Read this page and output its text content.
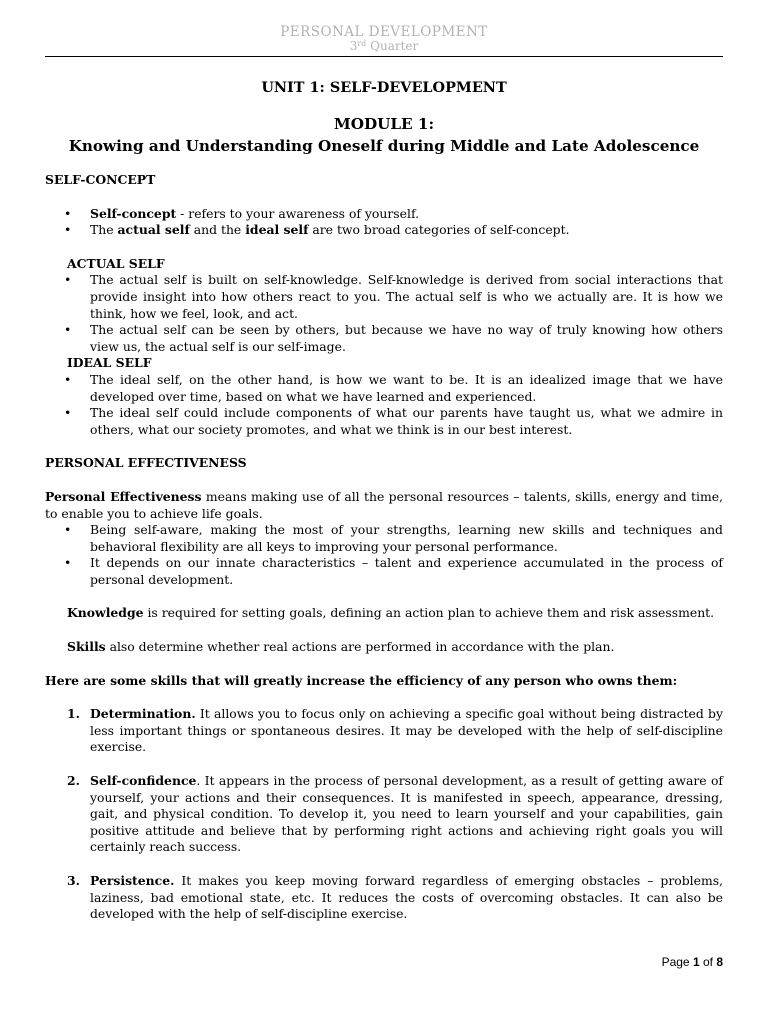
PERSONAL DEVELOPMENT
3rd Quarter
UNIT 1: SELF-DEVELOPMENT
MODULE 1:
Knowing and Understanding Oneself during Middle and Late Adolescence
SELF-CONCEPT
• Self-concept - refers to your awareness of yourself.
• The actual self and the ideal self are two broad categories of self-concept.
ACTUAL SELF
• The actual self is built on self-knowledge. Self-knowledge is derived from social interactions that provide insight into how others react to you. The actual self is who we actually are. It is how we think, how we feel, look, and act.
• The actual self can be seen by others, but because we have no way of truly knowing how others view us, the actual self is our self-image.
IDEAL SELF
• The ideal self, on the other hand, is how we want to be. It is an idealized image that we have developed over time, based on what we have learned and experienced.
• The ideal self could include components of what our parents have taught us, what we admire in others, what our society promotes, and what we think is in our best interest.
PERSONAL EFFECTIVENESS

Personal Effectiveness means making use of all the personal resources – talents, skills, energy and time, to enable you to achieve life goals.

• Being self-aware, making the most of your strengths, learning new skills and techniques and behavioral flexibility are all keys to improving your personal performance.
• It depends on our innate characteristics – talent and experience accumulated in the process of personal development.

Knowledge is required for setting goals, defining an action plan to achieve them and risk assessment.

Skills also determine whether real actions are performed in accordance with the plan.

Here are some skills that will greatly increase the efficiency of any person who owns them:

1. Determination. It allows you to focus only on achieving a specific goal without being distracted by less important things or spontaneous desires. It may be developed with the help of self-discipline exercise.
2. Self-confidence. It appears in the process of personal development, as a result of getting aware of yourself, your actions and their consequences. It is manifested in speech, appearance, dressing, gait, and physical condition. To develop it, you need to learn yourself and your capabilities, gain positive attitude and believe that by performing right actions and achieving right goals you will certainly reach success.
3. Persistence. It makes you keep moving forward regardless of emerging obstacles – problems, laziness, bad emotional state, etc. It reduces the costs of overcoming obstacles. It can also be developed with the help of self-discipline exercise.
Page 1 of 8
